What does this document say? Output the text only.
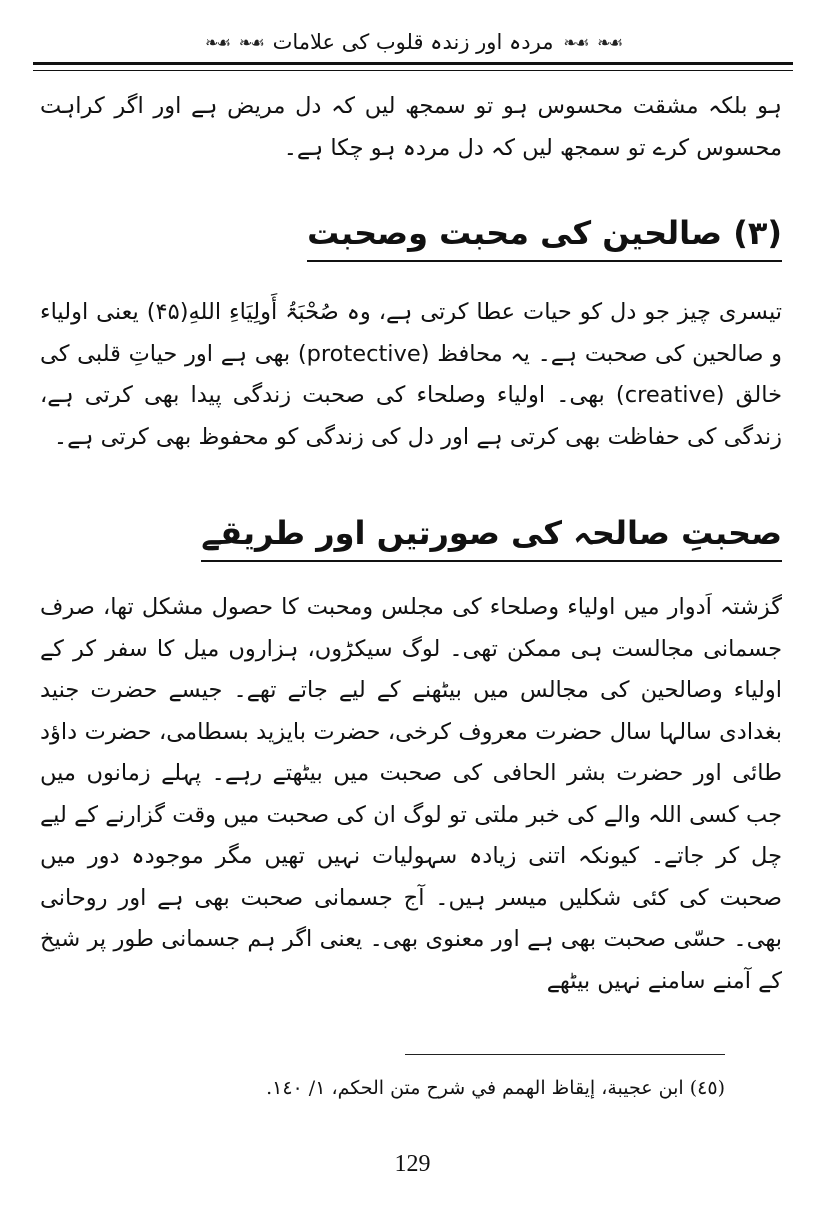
☙❧
☙❧
مردہ اور زندہ قلوب کی علامات
☙❧
☙❧

ہو بلکہ مشقت محسوس ہو تو سمجھ لیں کہ دل مریض ہے اور اگر کراہت محسوس کرے تو سمجھ لیں کہ دل مردہ ہو چکا ہے۔

(۳) صالحین کی محبت وصحبت

تیسری چیز جو دل کو حیات عطا کرتی ہے، وہ صُحْبَۃُ أَولِیَاءِ اللهِ(۴۵) یعنی اولیاء و صالحین کی صحبت ہے۔ یہ محافظ (protective) بھی ہے اور حیاتِ قلبی کی خالق (creative) بھی۔ اولیاء وصلحاء کی صحبت زندگی پیدا بھی کرتی ہے، زندگی کی حفاظت بھی کرتی ہے اور دل کی زندگی کو محفوظ بھی کرتی ہے۔

صحبتِ صالحہ کی صورتیں اور طریقے

گزشتہ اَدوار میں اولیاء وصلحاء کی مجلس ومحبت کا حصول مشکل تھا، صرف جسمانی مجالست ہی ممکن تھی۔ لوگ سیکڑوں، ہزاروں میل کا سفر کر کے اولیاء وصالحین کی مجالس میں بیٹھنے کے لیے جاتے تھے۔ جیسے حضرت جنید بغدادی سالہا سال حضرت معروف کرخی، حضرت بایزید بسطامی، حضرت داؤد طائی اور حضرت بشر الحافی کی صحبت میں بیٹھتے رہے۔ پہلے زمانوں میں جب کسی اللہ والے کی خبر ملتی تو لوگ ان کی صحبت میں وقت گزارنے کے لیے چل کر جاتے۔ کیونکہ اتنی زیادہ سہولیات نہیں تھیں مگر موجودہ دور میں صحبت کی کئی شکلیں میسر ہیں۔ آج جسمانی صحبت بھی ہے اور روحانی بھی۔ حسّی صحبت بھی ہے اور معنوی بھی۔ یعنی اگر ہم جسمانی طور پر شیخ کے آمنے سامنے نہیں بیٹھے

(٤٥) ابن عجيبة، إيقاظ الهمم في شرح متن الحكم، ١/ ١٤٠.
129
